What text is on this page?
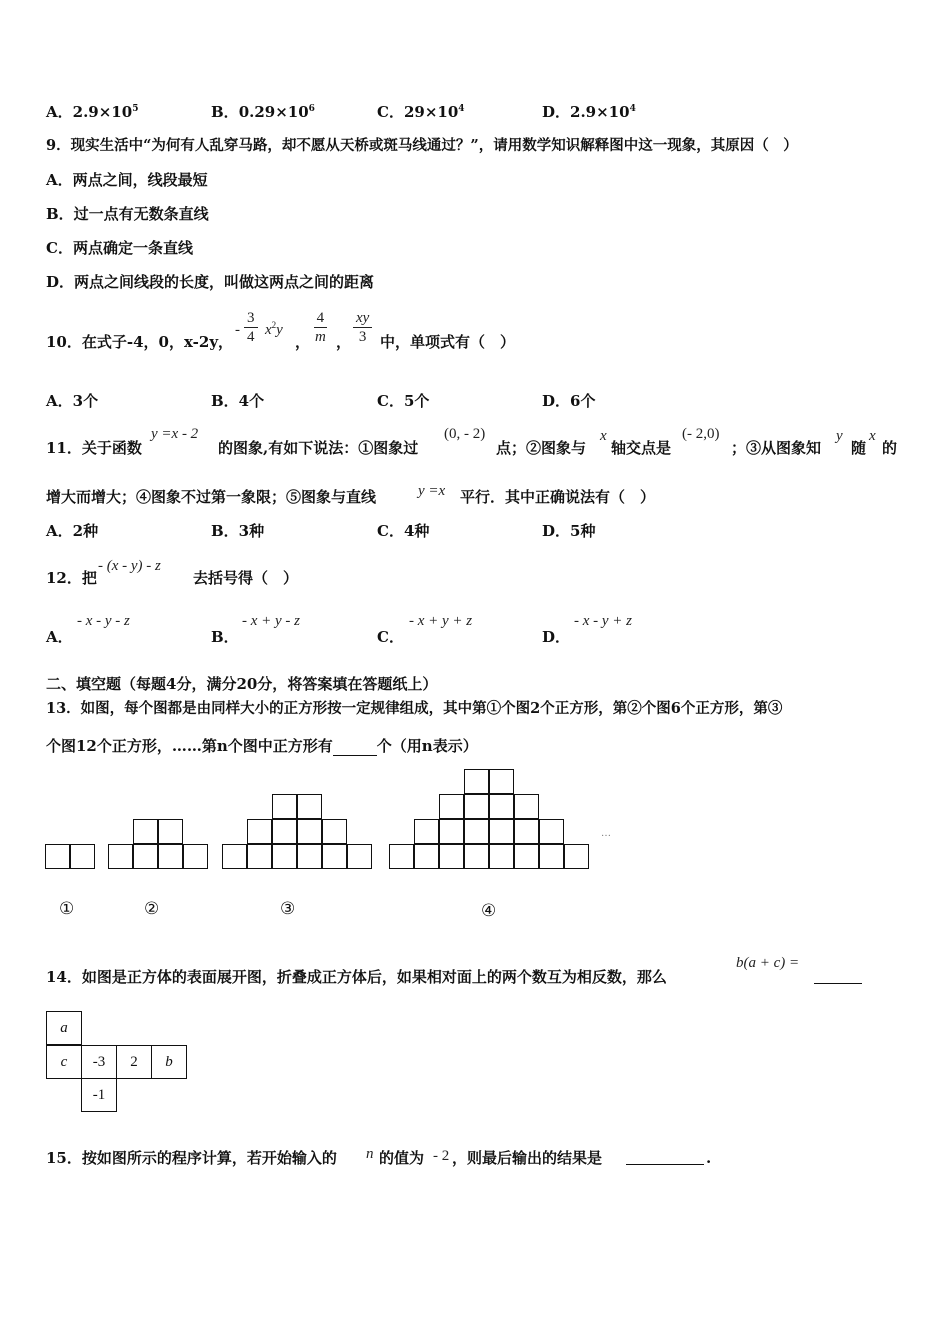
A．$2.9\times 10^5$	B．$0.29\times 10^6$	C．$29\times 10^4$	D．$2.9\times 10^4$
9．现实生活中“为何有人乱穿马路，却不愿从天桥或斑马线通过？”，请用数学知识解释图中这一现象，其原因（　）
A．两点之间，线段最短
B．过一点有无数条直线
C．两点确定一条直线
D．两点之间线段的长度，叫做这两点之间的距离
10．在式子-4，0，x-2y，
- $\frac{3}{4} x^2y$
， $\frac{4}{m}$ ， $\frac{xy}{3}$ 中，单项式有（　）
A．3个	B．4个	C．5个	D．6个
11．关于函数
y =x - 2
的图象,有如下说法：①图象过
(0, - 2)
点；②图象与
x
轴交点是
(- 2,0)
；③从图象知
y
随
x
的
增大而增大；④图象不过第一象限；⑤图象与直线	y =x 平行．其中正确说法有（　）
A．2种	B．3种	C．4种	D．5种
12．把
- (x - y) - z
去括号得（　）
A．
- x - y - z
B．
- x + y - z
C．
- x + y + z
D．
- x - y + z
二、填空题（每题4分，满分20分，将答案填在答题纸上）
13．如图，每个图都是由同样大小的正方形按一定规律组成，其中第①个图2个正方形，第②个图6个正方形，第③
个图12个正方形，……第n个图中正方形有	个（用n表示）
…
①	②	③	④
14．如图是正方体的表面展开图，折叠成正方体后，如果相对面上的两个数互为相反数，那么
b(a + c) =
a
c	-3	2	b
-1
15．按如图所示的程序计算，若开始输入的 n 的值为 - 2 ，则最后输出的结果是	.
